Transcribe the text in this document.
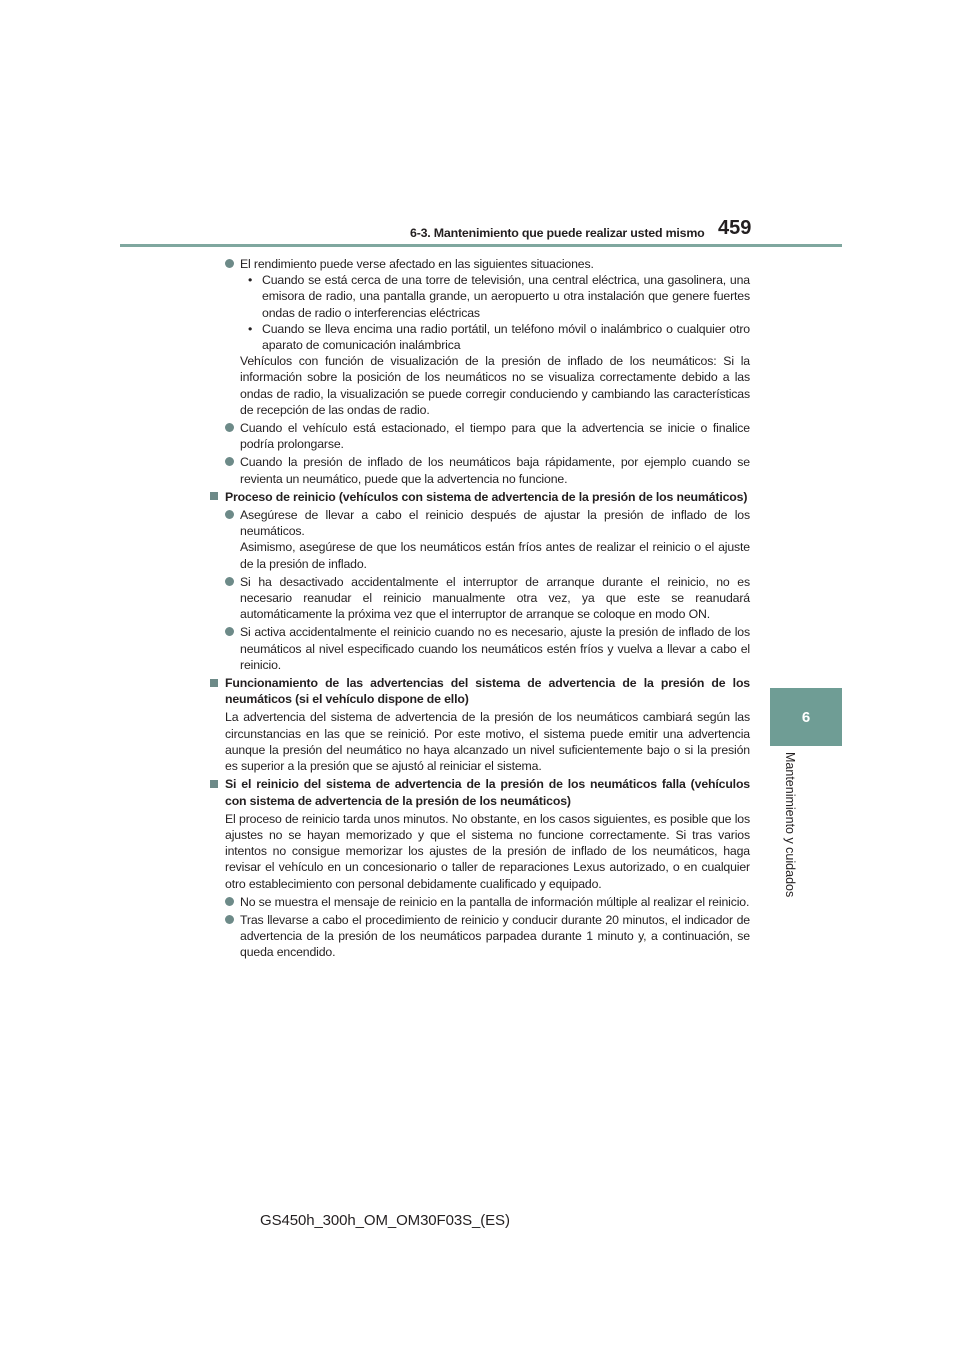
6-3. Mantenimiento que puede realizar usted mismo 459
6
Mantenimiento y cuidados

El rendimiento puede verse afectado en las siguientes situaciones.

• Cuando se está cerca de una torre de televisión, una central eléctrica, una gasolinera, una emisora de radio, una pantalla grande, un aeropuerto u otra instalación que genere fuertes ondas de radio o interferencias eléctricas
• Cuando se lleva encima una radio portátil, un teléfono móvil o inalámbrico o cualquier otro aparato de comunicación inalámbrica

Vehículos con función de visualización de la presión de inflado de los neumáticos: Si la información sobre la posición de los neumáticos no se visualiza correctamente debido a las ondas de radio, la visualización se puede corregir conduciendo y cambiando las características de recepción de las ondas de radio.

Cuando el vehículo está estacionado, el tiempo para que la advertencia se inicie o finalice podría prolongarse.

Cuando la presión de inflado de los neumáticos baja rápidamente, por ejemplo cuando se revienta un neumático, puede que la advertencia no funcione.

Proceso de reinicio (vehículos con sistema de advertencia de la presión de los neumáticos)

Asegúrese de llevar a cabo el reinicio después de ajustar la presión de inflado de los neumáticos.

Asimismo, asegúrese de que los neumáticos están fríos antes de realizar el reinicio o el ajuste de la presión de inflado.

Si ha desactivado accidentalmente el interruptor de arranque durante el reinicio, no es necesario reanudar el reinicio manualmente otra vez, ya que este se reanudará automáticamente la próxima vez que el interruptor de arranque se coloque en modo ON.

Si activa accidentalmente el reinicio cuando no es necesario, ajuste la presión de inflado de los neumáticos al nivel especificado cuando los neumáticos estén fríos y vuelva a llevar a cabo el reinicio.

Funcionamiento de las advertencias del sistema de advertencia de la presión de los neumáticos (si el vehículo dispone de ello)

La advertencia del sistema de advertencia de la presión de los neumáticos cambiará según las circunstancias en las que se reinició. Por este motivo, el sistema puede emitir una advertencia aunque la presión del neumático no haya alcanzado un nivel suficientemente bajo o si la presión es superior a la presión que se ajustó al reiniciar el sistema.

Si el reinicio del sistema de advertencia de la presión de los neumáticos falla (vehículos con sistema de advertencia de la presión de los neumáticos)

El proceso de reinicio tarda unos minutos. No obstante, en los casos siguientes, es posible que los ajustes no se hayan memorizado y que el sistema no funcione correctamente. Si tras varios intentos no consigue memorizar los ajustes de la presión de inflado de los neumáticos, haga revisar el vehículo en un concesionario o taller de reparaciones Lexus autorizado, o en cualquier otro establecimiento con personal debidamente cualificado y equipado.

No se muestra el mensaje de reinicio en la pantalla de información múltiple al realizar el reinicio.

Tras llevarse a cabo el procedimiento de reinicio y conducir durante 20 minutos, el indicador de advertencia de la presión de los neumáticos parpadea durante 1 minuto y, a continuación, se queda encendido.

GS450h_300h_OM_OM30F03S_(ES)
